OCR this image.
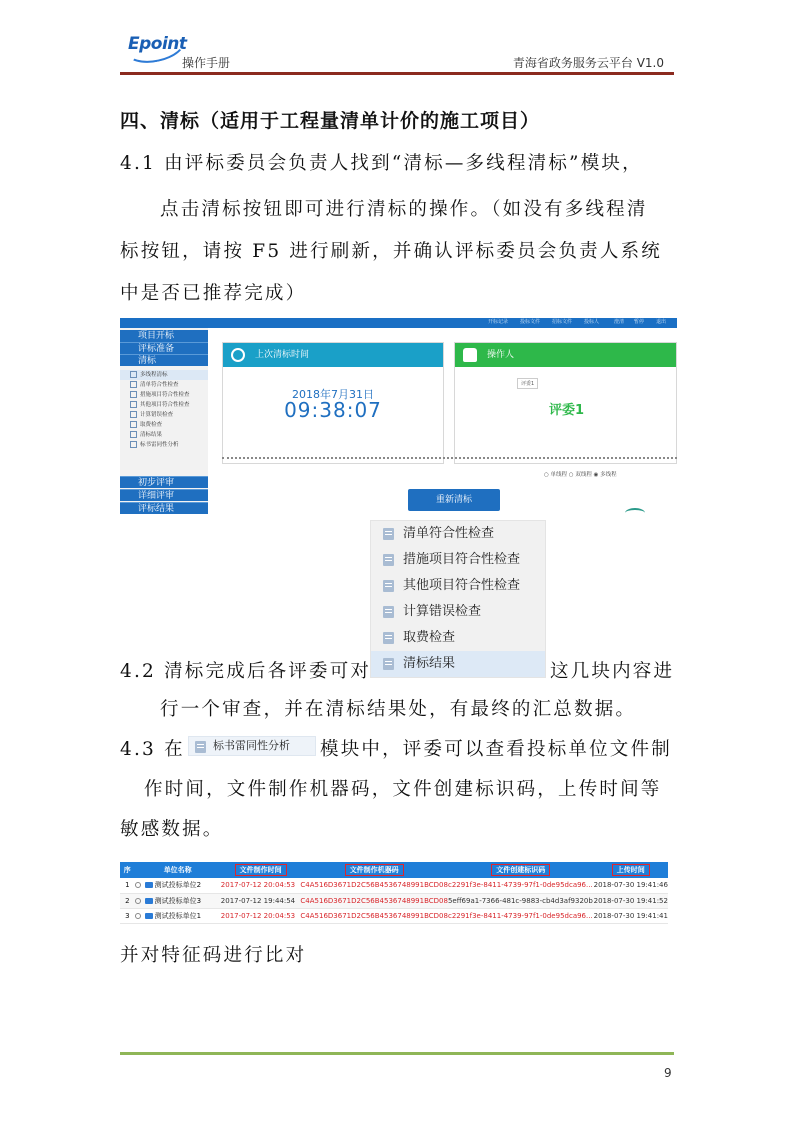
Epoint
操作手册	青海省政务服务云平台 V1.0
四、清标（适用于工程量清单计价的施工项目）
4.1 由评标委员会负责人找到“清标—多线程清标”模块，
点击清标按钮即可进行清标的操作。（如没有多线程清
标按钮，请按 F5 进行刷新，并确认评标委员会负责人系统
中是否已推荐完成）
开标记录 投标文件 招标文件 投标人	澄清 暂停 退出
项目开标
评标准备
清标
多线程清标
清单符合性检查
措施项目符合性检查
其他项目符合性检查
计算错误检查
取费检查
清标结果
标书雷同性分析
初步评审
详细评审
评标结果
上次清标时间
2018年7月31日
09:38:07
操作人
评委1
评委1
○ 单线程 ○ 双线程 ◉ 多线程
重新清标
清单符合性检查
措施项目符合性检查
其他项目符合性检查
计算错误检查
取费检查
清标结果
4.2 清标完成后各评委可对	这几块内容进
行一个审查，并在清标结果处，有最终的汇总数据。
4.3 在	标书雷同性分析	模块中，评委可以查看投标单位文件制
作时间，文件制作机器码，文件创建标识码，上传时间等
敏感数据。
序	单位名称	文件制作时间	文件制作机器码	文件创建标识码	上传时间
1	测试投标单位2	2017-07-12 20:04:53	C4A516D3671D2C56B4536748991BCD08	c2291f3e-8411-4739-97f1-0de95dca96...	2018-07-30 19:41:46
2	测试投标单位3	2017-07-12 19:44:54	C4A516D3671D2C56B4536748991BCD08	5eff69a1-7366-481c-9883-cb4d3af9320b	2018-07-30 19:41:52
3	测试投标单位1	2017-07-12 20:04:53	C4A516D3671D2C56B4536748991BCD08	c2291f3e-8411-4739-97f1-0de95dca96...	2018-07-30 19:41:41
并对特征码进行比对
9
